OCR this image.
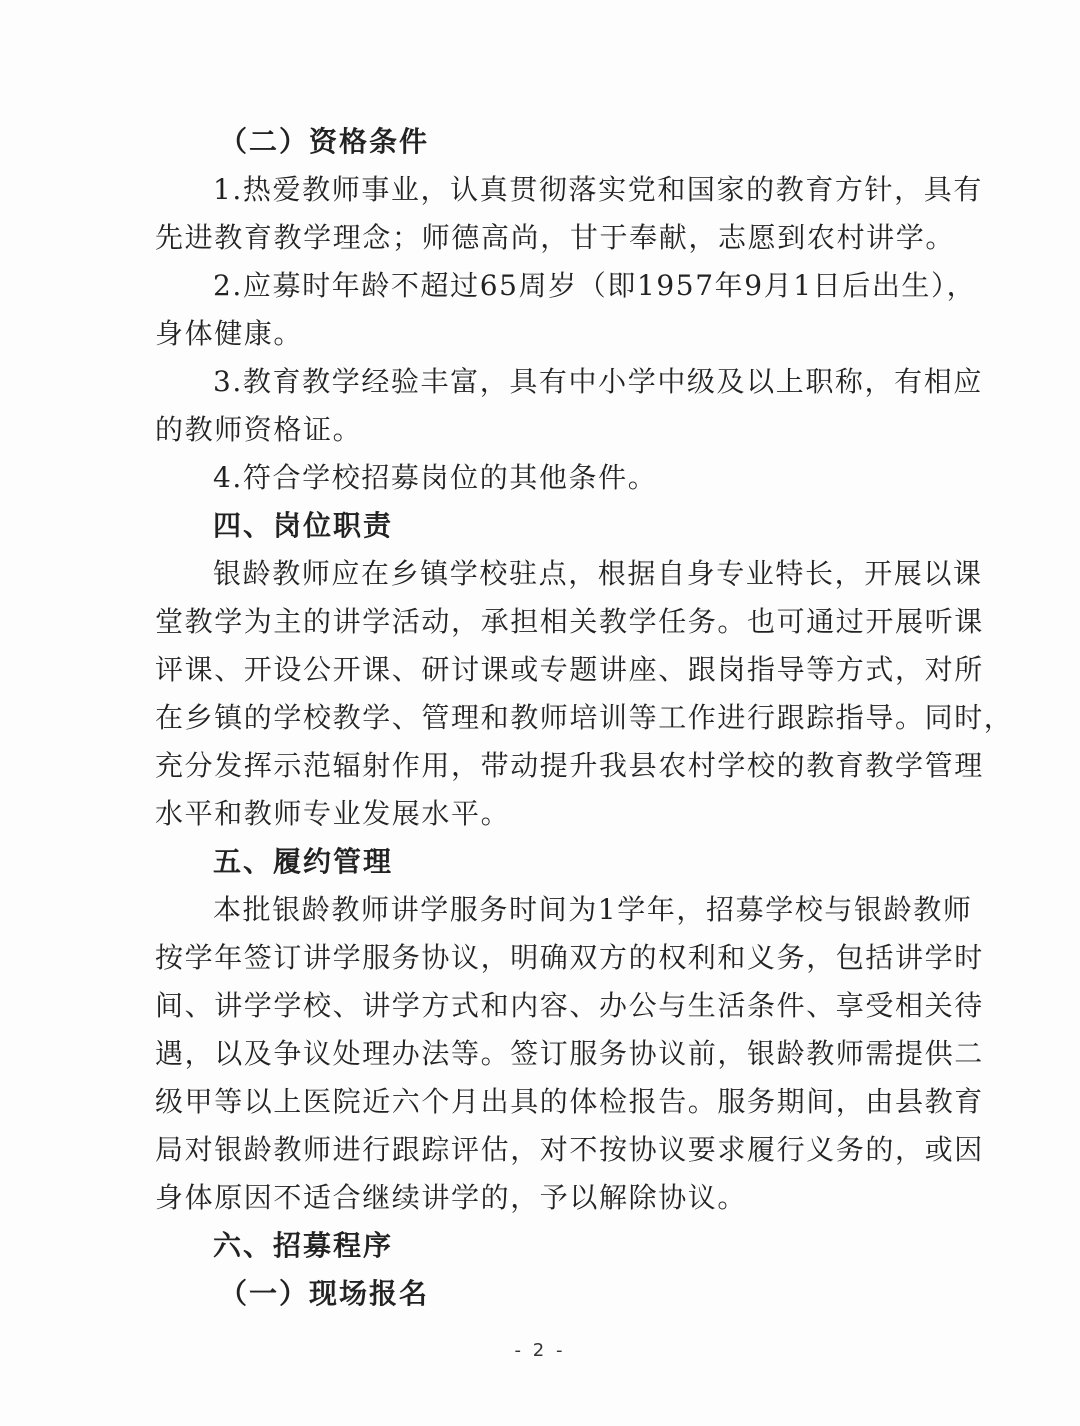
（二）资格条件
1.热爱教师事业，认真贯彻落实党和国家的教育方针，具有
先进教育教学理念；师德高尚，甘于奉献，志愿到农村讲学。
2.应募时年龄不超过65周岁（即1957年9月1日后出生），
身体健康。
3.教育教学经验丰富，具有中小学中级及以上职称，有相应
的教师资格证。
4.符合学校招募岗位的其他条件。
四、岗位职责
银龄教师应在乡镇学校驻点，根据自身专业特长，开展以课
堂教学为主的讲学活动，承担相关教学任务。也可通过开展听课
评课、开设公开课、研讨课或专题讲座、跟岗指导等方式，对所
在乡镇的学校教学、管理和教师培训等工作进行跟踪指导。同时，
充分发挥示范辐射作用，带动提升我县农村学校的教育教学管理
水平和教师专业发展水平。
五、履约管理
本批银龄教师讲学服务时间为1学年，招募学校与银龄教师
按学年签订讲学服务协议，明确双方的权利和义务，包括讲学时
间、讲学学校、讲学方式和内容、办公与生活条件、享受相关待
遇，以及争议处理办法等。签订服务协议前，银龄教师需提供二
级甲等以上医院近六个月出具的体检报告。服务期间，由县教育
局对银龄教师进行跟踪评估，对不按协议要求履行义务的，或因
身体原因不适合继续讲学的，予以解除协议。
六、招募程序
（一）现场报名
- 2 -
